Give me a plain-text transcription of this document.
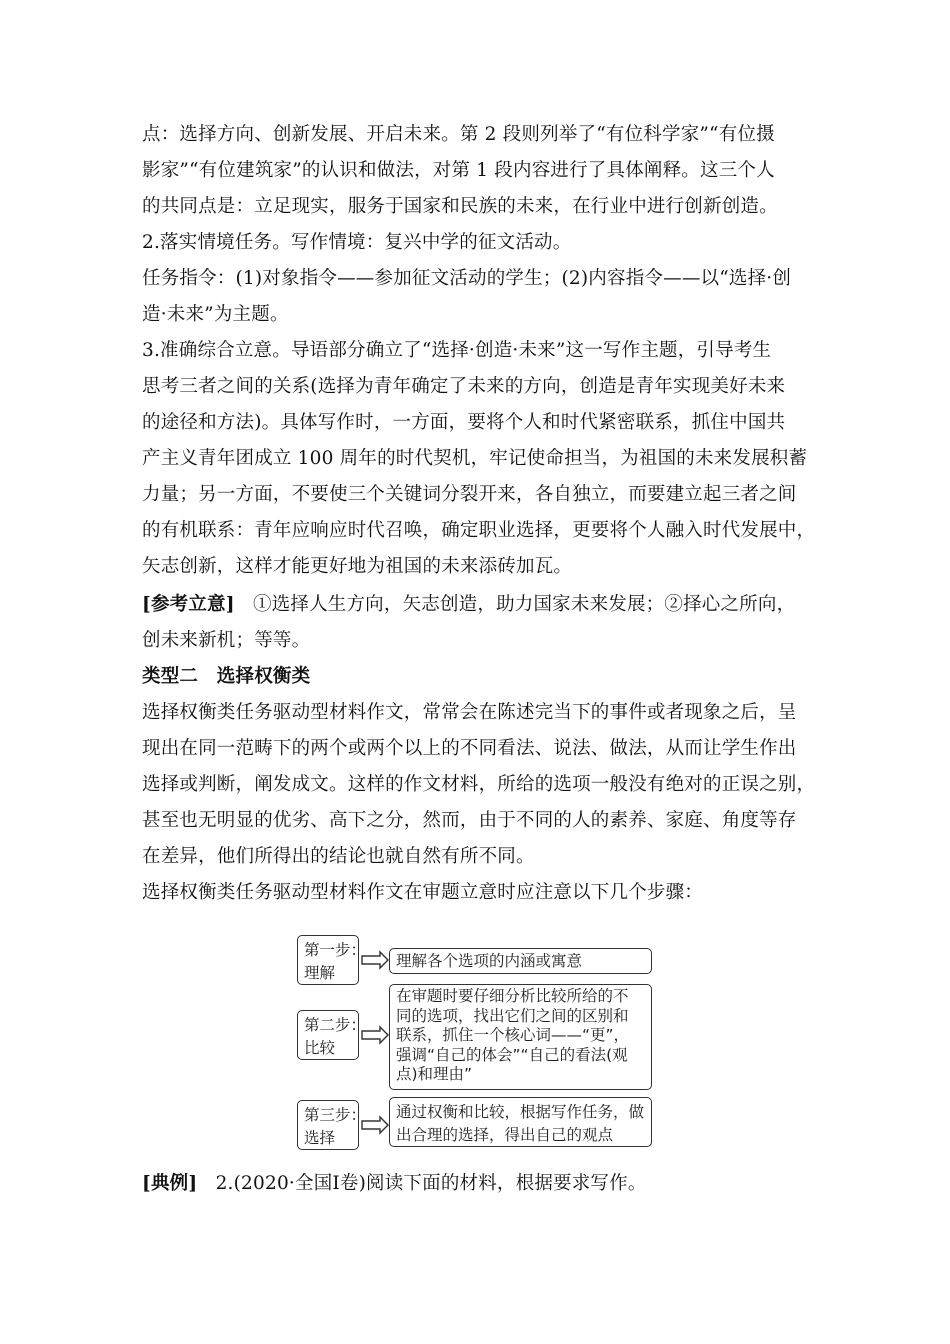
点：选择方向、创新发展、开启未来。第 2 段则列举了“有位科学家”“有位摄
影家”“有位建筑家”的认识和做法，对第 1 段内容进行了具体阐释。这三个人
的共同点是：立足现实，服务于国家和民族的未来，在行业中进行创新创造。
2.落实情境任务。写作情境：复兴中学的征文活动。
任务指令：(1)对象指令——参加征文活动的学生；(2)内容指令——以“选择·创
造·未来”为主题。
3.准确综合立意。导语部分确立了“选择·创造·未来”这一写作主题，引导考生
思考三者之间的关系(选择为青年确定了未来的方向，创造是青年实现美好未来
的途径和方法)。具体写作时，一方面，要将个人和时代紧密联系，抓住中国共
产主义青年团成立 100 周年的时代契机，牢记使命担当，为祖国的未来发展积蓄
力量；另一方面，不要使三个关键词分裂开来，各自独立，而要建立起三者之间
的有机联系：青年应响应时代召唤，确定职业选择，更要将个人融入时代发展中，
矢志创新，这样才能更好地为祖国的未来添砖加瓦。
[参考立意] ①选择人生方向，矢志创造，助力国家未来发展；②择心之所向，
创未来新机；等等。
类型二　选择权衡类
选择权衡类任务驱动型材料作文，常常会在陈述完当下的事件或者现象之后，呈
现出在同一范畴下的两个或两个以上的不同看法、说法、做法，从而让学生作出
选择或判断，阐发成文。这样的作文材料，所给的选项一般没有绝对的正误之别，
甚至也无明显的优劣、高下之分，然而，由于不同的人的素养、家庭、角度等存
在差异，他们所得出的结论也就自然有所不同。
选择权衡类任务驱动型材料作文在审题立意时应注意以下几个步骤：
第一步：
理解
理解各个选项的内涵或寓意
第二步：
比较
在审题时要仔细分析比较所给的不
同的选项，找出它们之间的区别和
联系，抓住一个核心词——“更”，
强调“自己的体会”“自己的看法(观
点)和理由”
第三步：
选择
通过权衡和比较，根据写作任务，做
出合理的选择，得出自己的观点
[典例] 2.(2020·全国Ⅰ卷)阅读下面的材料，根据要求写作。
